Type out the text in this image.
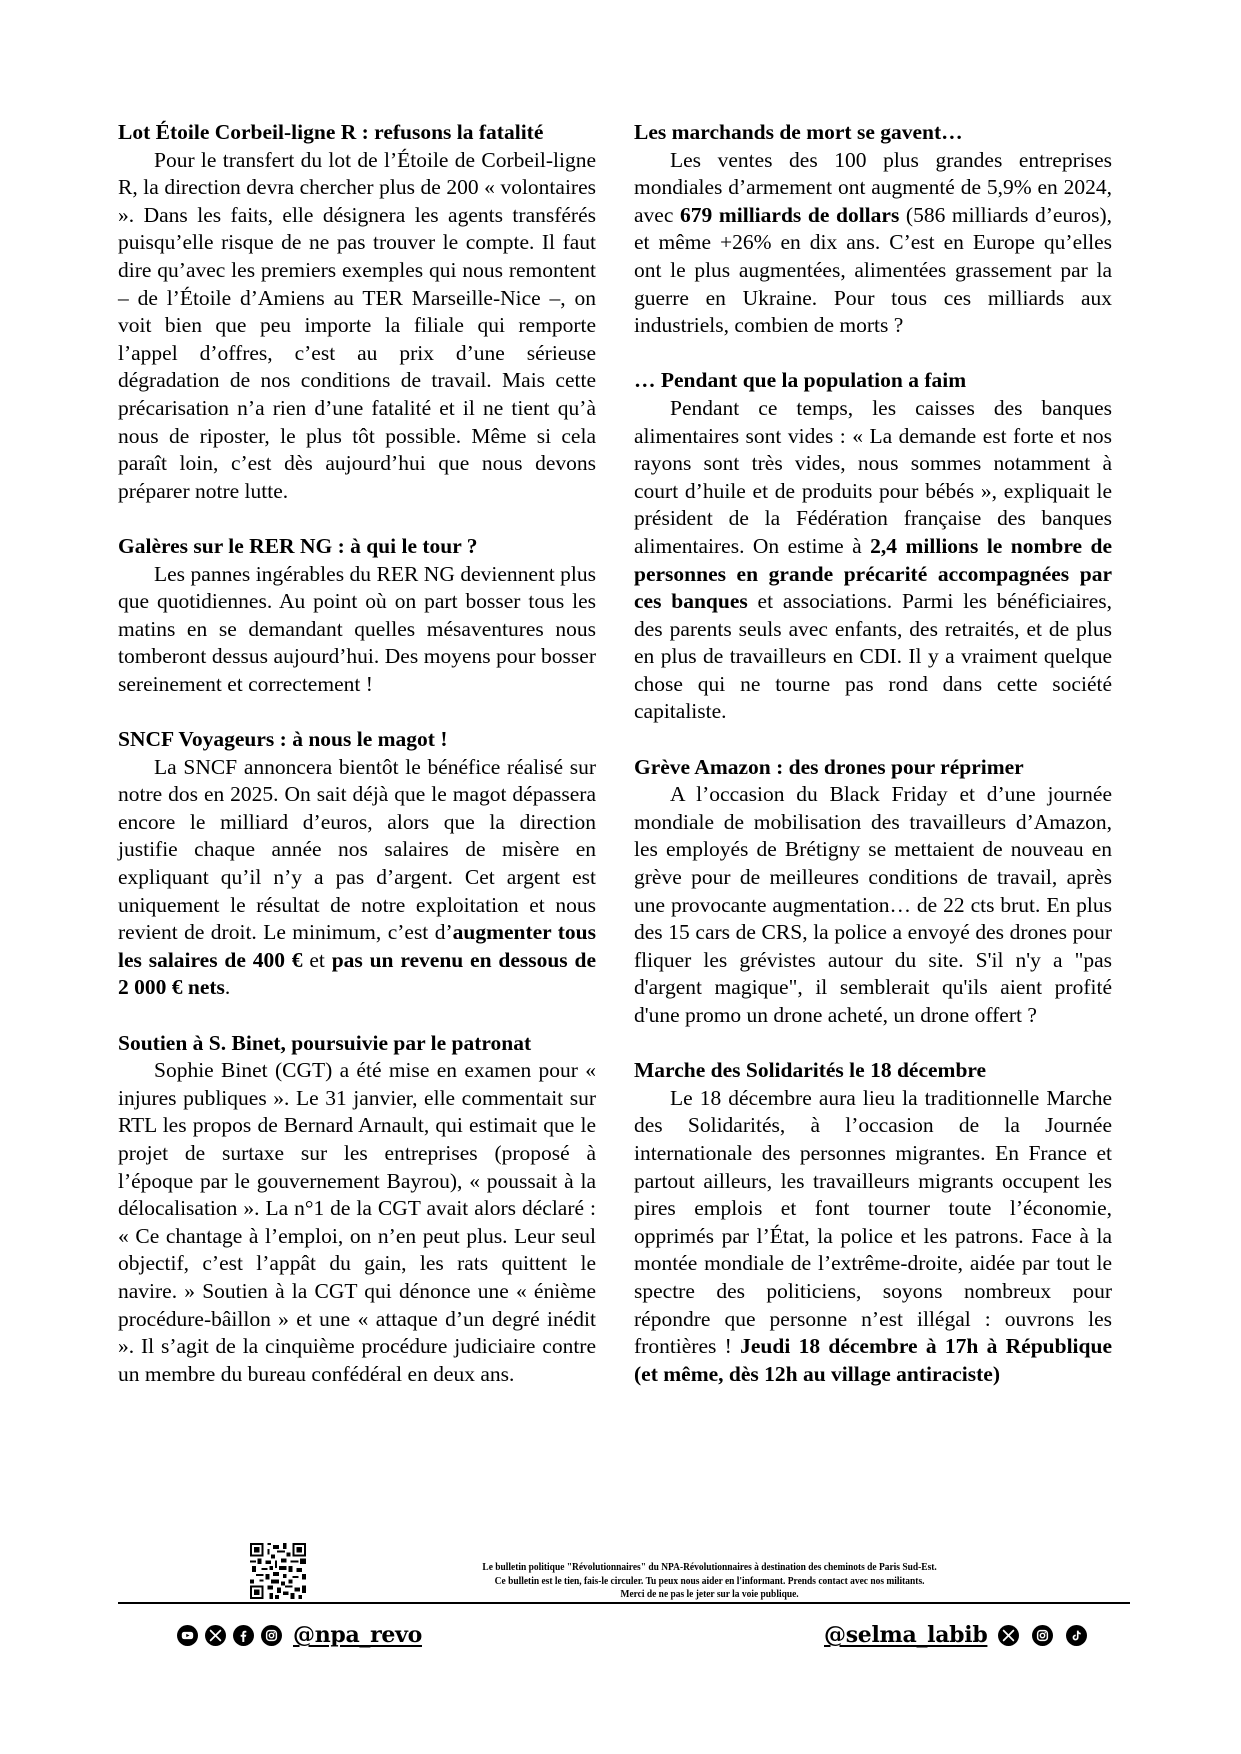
Lot Étoile Corbeil-ligne R : refusons la fatalité

Pour le transfert du lot de l’Étoile de Corbeil-ligne R, la direction devra chercher plus de 200 « volontaires ». Dans les faits, elle désignera les agents transférés puisqu’elle risque de ne pas trouver le compte. Il faut dire qu’avec les premiers exemples qui nous remontent – de l’Étoile d’Amiens au TER Marseille-Nice –, on voit bien que peu importe la filiale qui remporte l’appel d’offres, c’est au prix d’une sérieuse dégradation de nos conditions de travail. Mais cette précarisation n’a rien d’une fatalité et il ne tient qu’à nous de riposter, le plus tôt possible. Même si cela paraît loin, c’est dès aujourd’hui que nous devons préparer notre lutte.

Galères sur le RER NG : à qui le tour ?

Les pannes ingérables du RER NG deviennent plus que quotidiennes. Au point où on part bosser tous les matins en se demandant quelles mésaventures nous tomberont dessus aujourd’hui. Des moyens pour bosser sereinement et correctement !

SNCF Voyageurs : à nous le magot !

La SNCF annoncera bientôt le bénéfice réalisé sur notre dos en 2025. On sait déjà que le magot dépassera encore le milliard d’euros, alors que la direction justifie chaque année nos salaires de misère en expliquant qu’il n’y a pas d’argent. Cet argent est uniquement le résultat de notre exploitation et nous revient de droit. Le minimum, c’est d’augmenter tous les salaires de 400 € et pas un revenu en dessous de 2 000 € nets.

Soutien à S. Binet, poursuivie par le patronat

Sophie Binet (CGT) a été mise en examen pour « injures publiques ». Le 31 janvier, elle commentait sur RTL les propos de Bernard Arnault, qui estimait que le projet de surtaxe sur les entreprises (proposé à l’époque par le gouvernement Bayrou), « poussait à la délocalisation ». La n°1 de la CGT avait alors déclaré : « Ce chantage à l’emploi, on n’en peut plus. Leur seul objectif, c’est l’appât du gain, les rats quittent le navire. » Soutien à la CGT qui dénonce une « énième procédure-bâillon » et une « attaque d’un degré inédit ». Il s’agit de la cinquième procédure judiciaire contre un membre du bureau confédéral en deux ans.

Les marchands de mort se gavent…

Les ventes des 100 plus grandes entreprises mondiales d’armement ont augmenté de 5,9% en 2024, avec 679 milliards de dollars (586 milliards d’euros), et même +26% en dix ans. C’est en Europe qu’elles ont le plus augmentées, alimentées grassement par la guerre en Ukraine. Pour tous ces milliards aux industriels, combien de morts ?

… Pendant que la population a faim

Pendant ce temps, les caisses des banques alimentaires sont vides : « La demande est forte et nos rayons sont très vides, nous sommes notamment à court d’huile et de produits pour bébés », expliquait le président de la Fédération française des banques alimentaires. On estime à 2,4 millions le nombre de personnes en grande précarité accompagnées par ces banques et associations. Parmi les bénéficiaires, des parents seuls avec enfants, des retraités, et de plus en plus de travailleurs en CDI. Il y a vraiment quelque chose qui ne tourne pas rond dans cette société capitaliste.

Grève Amazon : des drones pour réprimer

A l’occasion du Black Friday et d’une journée mondiale de mobilisation des travailleurs d’Amazon, les employés de Brétigny se mettaient de nouveau en grève pour de meilleures conditions de travail, après une provocante augmentation… de 22 cts brut. En plus des 15 cars de CRS, la police a envoyé des drones pour fliquer les grévistes autour du site. S'il n'y a "pas d'argent magique", il semblerait qu'ils aient profité d'une promo un drone acheté, un drone offert ?

Marche des Solidarités le 18 décembre

Le 18 décembre aura lieu la traditionnelle Marche des Solidarités, à l’occasion de la Journée internationale des personnes migrantes. En France et partout ailleurs, les travailleurs migrants occupent les pires emplois et font tourner toute l’économie, opprimés par l’État, la police et les patrons. Face à la montée mondiale de l’extrême-droite, aidée par tout le spectre des politiciens, soyons nombreux pour répondre que personne n’est illégal : ouvrons les frontières ! Jeudi 18 décembre à 17h à République (et même, dès 12h au village antiraciste)

Le bulletin politique "Révolutionnaires" du NPA-Révolutionnaires à destination des cheminots de Paris Sud-Est.
Ce bulletin est le tien, fais-le circuler. Tu peux nous aider en l'informant. Prends contact avec nos militants.
Merci de ne pas le jeter sur la voie publique.
@npa_revo	@selma_labib
